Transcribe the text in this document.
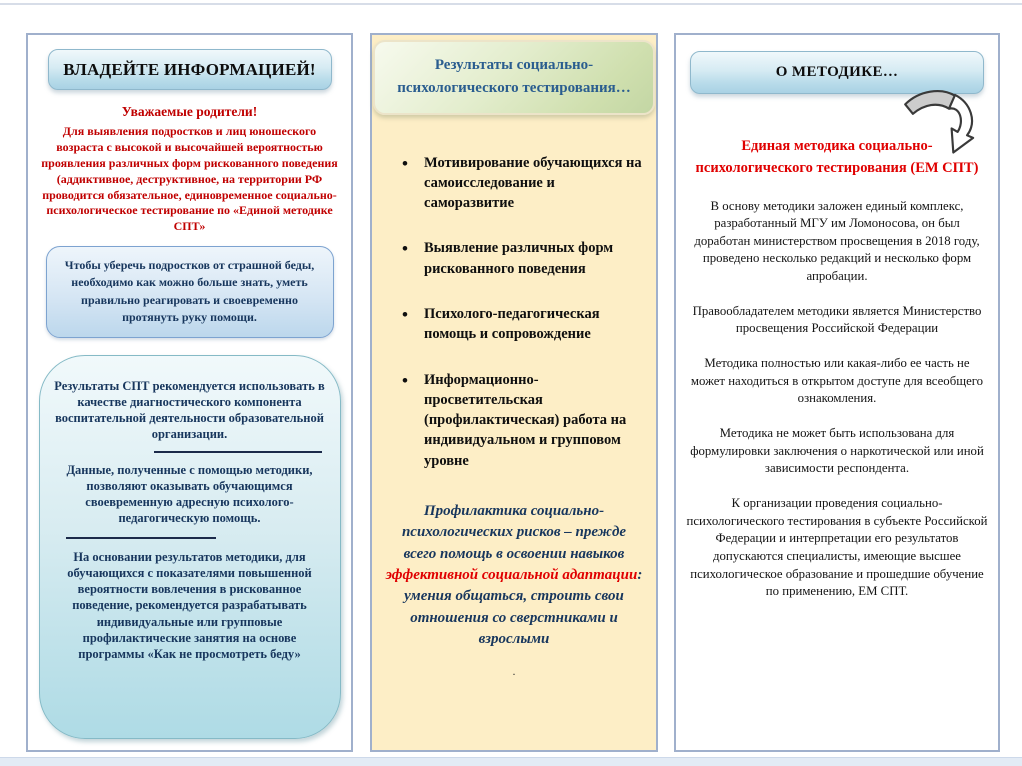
ВЛАДЕЙТЕ ИНФОРМАЦИЕЙ!

Уважаемые родители!

Для выявления подростков и лиц юношеского возраста с высокой и высочайшей вероятностью проявления различных форм рискованного поведения (аддиктивное, деструктивное, на территории РФ проводится обязательное, единовременное социально-психологическое тестирование по «Единой методике СПТ»

Чтобы уберечь подростков от страшной беды, необходимо как можно больше знать, уметь правильно реагировать и своевременно протянуть руку помощи.

Результаты СПТ рекомендуется использовать в качестве диагностического компонента воспитательной деятельности образовательной организации.

Данные, полученные с помощью методики, позволяют оказывать обучающимся своевременную адресную психолого-педагогическую помощь.

На основании результатов методики, для обучающихся с показателями повышенной вероятности вовлечения в рискованное поведение, рекомендуется разрабатывать индивидуальные или групповые профилактические занятия на основе программы «Как не просмотреть беду»

Результаты социально-психологического тестирования…
• Мотивирование обучающихся на самоисследование и саморазвитие
• Выявление различных форм рискованного поведения
• Психолого-педагогическая помощь и сопровождение
• Информационно-просветительская (профилактическая) работа на индивидуальном и групповом уровне

Профилактика социально-психологических рисков – прежде всего помощь в освоении навыков эффективной социальной адаптации: умения общаться, строить свои отношения со сверстниками и взрослыми

.

О МЕТОДИКЕ…
Единая методика социально-психологического тестирования (ЕМ СПТ)

В основу методики заложен единый комплекс, разработанный МГУ им Ломоносова, он был доработан министерством просвещения в 2018 году, проведено несколько редакций и несколько форм апробации.

Правообладателем методики является Министерство просвещения Российской Федерации

Методика полностью или какая-либо ее часть не может находиться в открытом доступе для всеобщего ознакомления.

Методика не может быть использована для формулировки заключения о наркотической или иной зависимости респондента.

К организации проведения социально-психологического тестирования в субъекте Российской Федерации и интерпретации его результатов допускаются специалисты, имеющие высшее психологическое образование и прошедшие обучение по применению, ЕМ СПТ.
